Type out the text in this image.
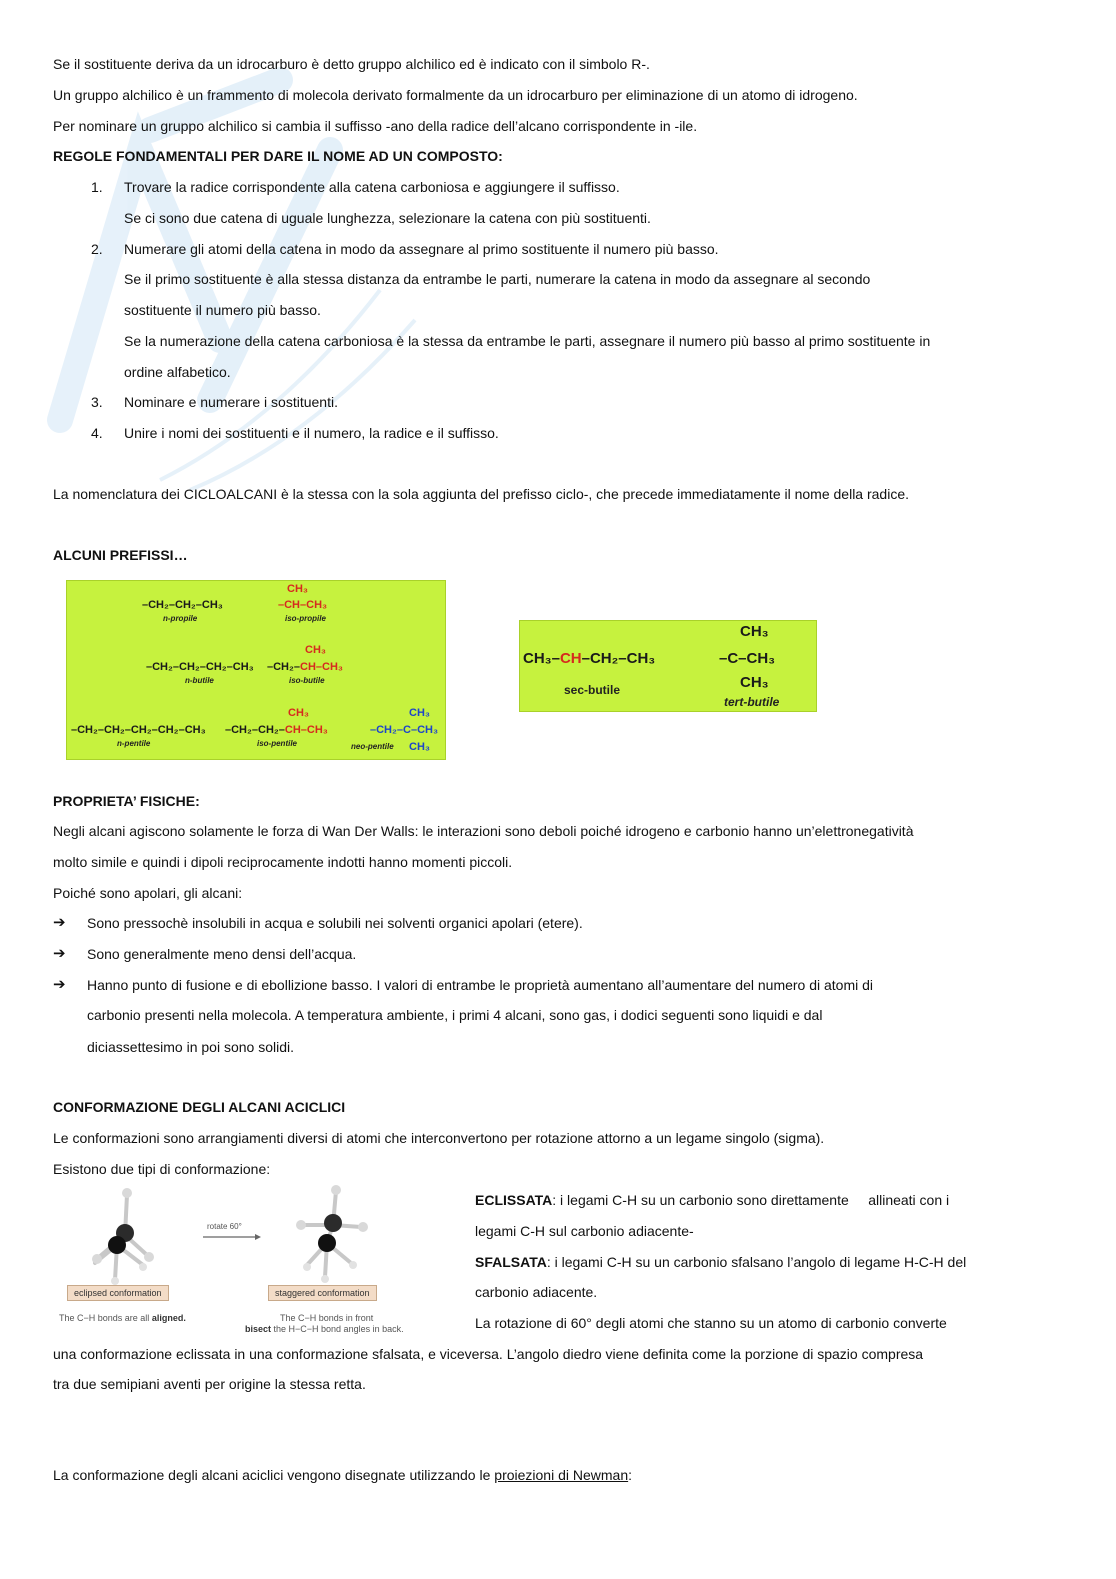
Se il sostituente deriva da un idrocarburo è detto gruppo alchilico ed è indicato con il simbolo R-.
Un gruppo alchilico è un frammento di molecola derivato formalmente da un idrocarburo per eliminazione di un atomo di idrogeno.
Per nominare un gruppo alchilico si cambia il suffisso -ano della radice dell’alcano corrispondente in -ile.
REGOLE FONDAMENTALI PER DARE IL NOME AD UN COMPOSTO:
1. Trovare la radice corrispondente alla catena carboniosa e aggiungere il suffisso.
Se ci sono due catena di uguale lunghezza, selezionare la catena con più sostituenti.
2. Numerare gli atomi della catena in modo da assegnare al primo sostituente il numero più basso.
Se il primo sostituente è alla stessa distanza da entrambe le parti, numerare la catena in modo da assegnare al secondo
sostituente il numero più basso.
Se la numerazione della catena carboniosa è la stessa da entrambe le parti, assegnare il numero più basso al primo sostituente in
ordine alfabetico.
3. Nominare e numerare i sostituenti.
4. Unire i nomi dei sostituenti e il numero, la radice e il suffisso.
La nomenclatura dei CICLOALCANI è la stessa con la sola aggiunta del prefisso ciclo-, che precede immediatamente il nome della radice.
ALCUNI PREFISSI…
–CH₂–CH₂–CH₃
n-propile
CH₃
–CH–CH₃
iso-propile
–CH₂–CH₂–CH₂–CH₃
n-butile
CH₃
–CH₂–CH–CH₃
iso-butile
–CH₂–CH₂–CH₂–CH₂–CH₃
n-pentile
CH₃
–CH₂–CH₂–CH–CH₃
iso-pentile
CH₃
–CH₂–C–CH₃
CH₃
neo-pentile
CH₃–CH–CH₂–CH₃
sec-butile
CH₃
–C–CH₃
CH₃
tert-butile
PROPRIETA’ FISICHE:
Negli alcani agiscono solamente le forza di Wan Der Walls: le interazioni sono deboli poiché idrogeno e carbonio hanno un’elettronegatività
molto simile e quindi i dipoli reciprocamente indotti hanno momenti piccoli.
Poiché sono apolari, gli alcani:
➔ Sono pressochè insolubili in acqua e solubili nei solventi organici apolari (etere).
➔ Sono generalmente meno densi dell’acqua.
➔ Hanno punto di fusione e di ebollizione basso. I valori di entrambe le proprietà aumentano all’aumentare del numero di atomi di
carbonio presenti nella molecola. A temperatura ambiente, i primi 4 alcani, sono gas, i dodici seguenti sono liquidi e dal
diciassettesimo in poi sono solidi.
CONFORMAZIONE DEGLI ALCANI ACICLICI
Le conformazioni sono arrangiamenti diversi di atomi che interconvertono per rotazione attorno a un legame singolo (sigma).
Esistono due tipi di conformazione:
rotate 60°
eclipsed conformation	staggered conformation
The C−H bonds are all aligned.	The C−H bonds in front
bisect the H−C−H bond angles in back.
ECLISSATA: i legami C-H su un carbonio sono direttamente     allineati con i
legami C-H sul carbonio adiacente-
SFALSATA: i legami C-H su un carbonio sfalsano l’angolo di legame H-C-H del
carbonio adiacente.
La rotazione di 60° degli atomi che stanno su un atomo di carbonio converte
una conformazione eclissata in una conformazione sfalsata, e viceversa. L’angolo diedro viene definita come la porzione di spazio compresa
tra due semipiani aventi per origine la stessa retta.
La conformazione degli alcani aciclici vengono disegnate utilizzando le proiezioni di Newman:
